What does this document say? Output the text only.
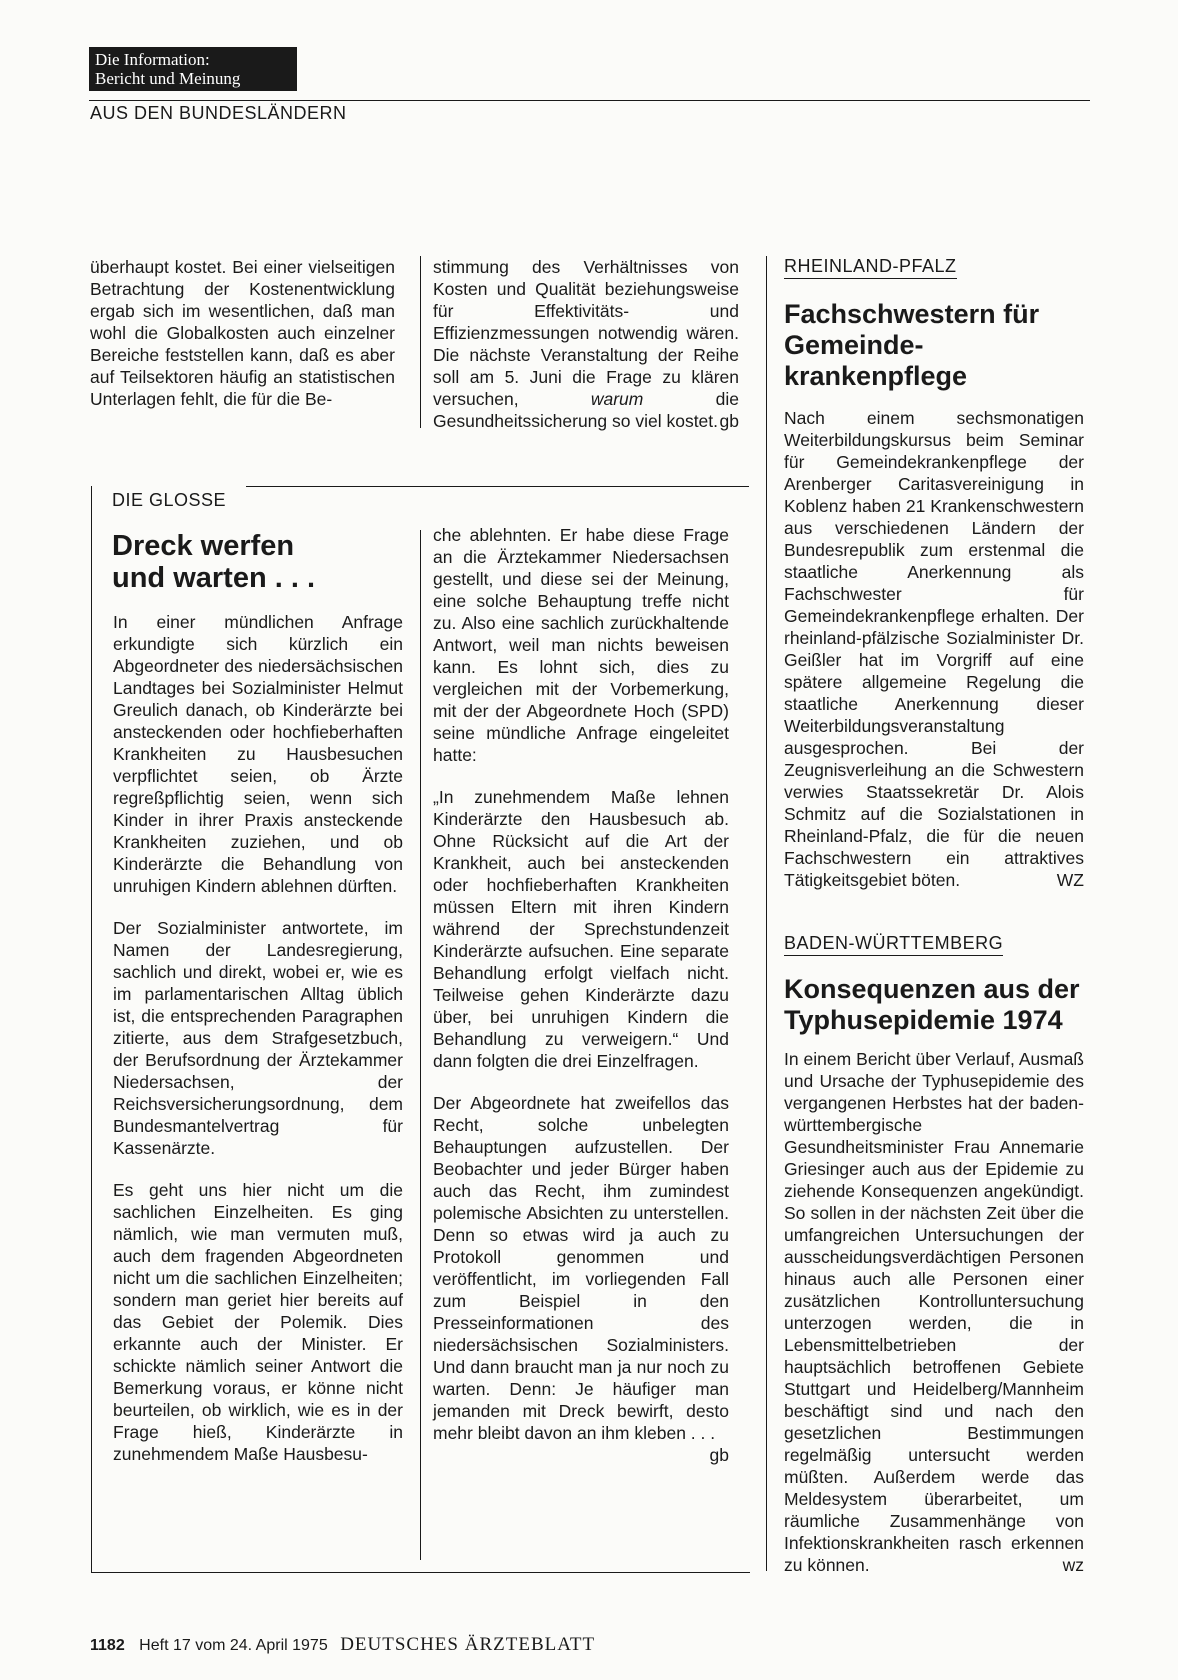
Die Information:
Bericht und Meinung
AUS DEN BUNDESLÄNDERN
überhaupt kostet. Bei einer vielseitigen Betrachtung der Kostenentwicklung ergab sich im wesentlichen, daß man wohl die Globalkosten auch einzelner Bereiche feststellen kann, daß es aber auf Teilsektoren häufig an statistischen Unterlagen fehlt, die für die Be-
stimmung des Verhältnisses von Kosten und Qualität beziehungsweise für Effektivitäts- und Effizienzmessungen notwendig wären. Die nächste Veranstaltung der Reihe soll am 5. Juni die Frage zu klären versuchen,	warum	die Gesundheitssicherung so viel kostet. gb
DIE GLOSSE
Dreck werfen
und warten . . .

In einer mündlichen Anfrage erkundigte sich kürzlich ein Abgeordneter des niedersächsischen Landtages bei Sozialminister Helmut Greulich danach, ob Kinderärzte bei ansteckenden oder hochfieberhaften Krankheiten zu Hausbesuchen verpflichtet seien, ob Ärzte regreßpflichtig seien, wenn sich Kinder in ihrer Praxis ansteckende Krankheiten zuziehen, und ob Kinderärzte die Behandlung von unruhigen Kindern ablehnen dürften.

Der Sozialminister antwortete, im Namen der Landesregierung, sachlich und direkt, wobei er, wie es im parlamentarischen Alltag üblich ist, die entsprechenden Paragraphen zitierte, aus dem Strafgesetzbuch, der Berufsordnung der Ärztekammer Niedersachsen, der Reichsversicherungsordnung, dem Bundesmantelvertrag für Kassenärzte.

Es geht uns hier nicht um die sachlichen Einzelheiten. Es ging nämlich, wie man vermuten muß, auch dem fragenden Abgeordneten nicht um die sachlichen Einzelheiten; sondern man geriet hier bereits auf das Gebiet der Polemik. Dies erkannte auch der Minister. Er schickte nämlich seiner Antwort die Bemerkung voraus, er könne nicht beurteilen, ob wirklich, wie es in der Frage hieß, Kinderärzte in zunehmendem Maße Hausbesu-

che ablehnten. Er habe diese Frage an die Ärztekammer Niedersachsen gestellt, und diese sei der Meinung, eine solche Behauptung treffe nicht zu. Also eine sachlich zurückhaltende Antwort, weil man nichts beweisen kann. Es lohnt sich, dies zu vergleichen mit der Vorbemerkung, mit der der Abgeordnete Hoch (SPD) seine mündliche Anfrage eingeleitet hatte:

„In zunehmendem Maße lehnen Kinderärzte den Hausbesuch ab. Ohne Rücksicht auf die Art der Krankheit, auch bei ansteckenden oder hochfieberhaften Krankheiten müssen Eltern mit ihren Kindern während der Sprechstundenzeit Kinderärzte aufsuchen. Eine separate Behandlung erfolgt vielfach nicht. Teilweise gehen Kinderärzte dazu über, bei unruhigen Kindern die Behandlung zu verweigern.“ Und dann folgten die drei Einzelfragen.

Der Abgeordnete hat zweifellos das Recht, solche unbelegten Behauptungen aufzustellen. Der Beobachter und jeder Bürger haben auch das Recht, ihm zumindest polemische Absichten zu unterstellen. Denn so etwas wird ja auch zu Protokoll genommen und veröffentlicht, im vorliegenden Fall zum Beispiel in den Presseinformationen des niedersächsischen Sozialministers. Und dann braucht man ja nur noch zu warten. Denn: Je häufiger man jemanden mit Dreck bewirft, desto mehr bleibt davon an ihm kleben . . .
gb

RHEINLAND-PFALZ
Fachschwestern für
Gemeinde-
krankenpflege
Nach einem sechsmonatigen Weiterbildungskursus beim Seminar für Gemeindekrankenpflege der Arenberger Caritasvereinigung in Koblenz haben 21 Krankenschwestern aus verschiedenen Ländern der Bundesrepublik zum erstenmal die staatliche Anerkennung als Fachschwester für Gemeindekrankenpflege erhalten. Der rheinland-pfälzische Sozialminister Dr. Geißler hat im Vorgriff auf eine spätere allgemeine Regelung die staatliche Anerkennung dieser Weiterbildungsveranstaltung ausgesprochen. Bei der Zeugnisverleihung an die Schwestern verwies Staatssekretär Dr. Alois Schmitz auf die Sozialstationen in Rheinland-Pfalz, die für die neuen Fachschwestern ein attraktives Tätigkeitsgebiet böten.	WZ
BADEN-WÜRTTEMBERG
Konsequenzen aus der
Typhusepidemie 1974
In einem Bericht über Verlauf, Ausmaß und Ursache der Typhusepidemie des vergangenen Herbstes hat der baden-württembergische Gesundheitsminister Frau Annemarie Griesinger auch aus der Epidemie zu ziehende Konsequenzen angekündigt. So sollen in der nächsten Zeit über die umfangreichen Untersuchungen der ausscheidungsverdächtigen Personen hinaus auch alle Personen einer zusätzlichen Kontrolluntersuchung unterzogen werden, die in Lebensmittelbetrieben der hauptsächlich betroffenen Gebiete Stuttgart und Heidelberg/Mannheim beschäftigt sind und nach den gesetzlichen Bestimmungen regelmäßig untersucht werden müßten. Außerdem werde das Meldesystem überarbeitet, um räumliche Zusammenhänge von Infektionskrankheiten rasch erkennen zu können.	wz
1182 Heft 17 vom 24. April 1975 DEUTSCHES ÄRZTEBLATT
